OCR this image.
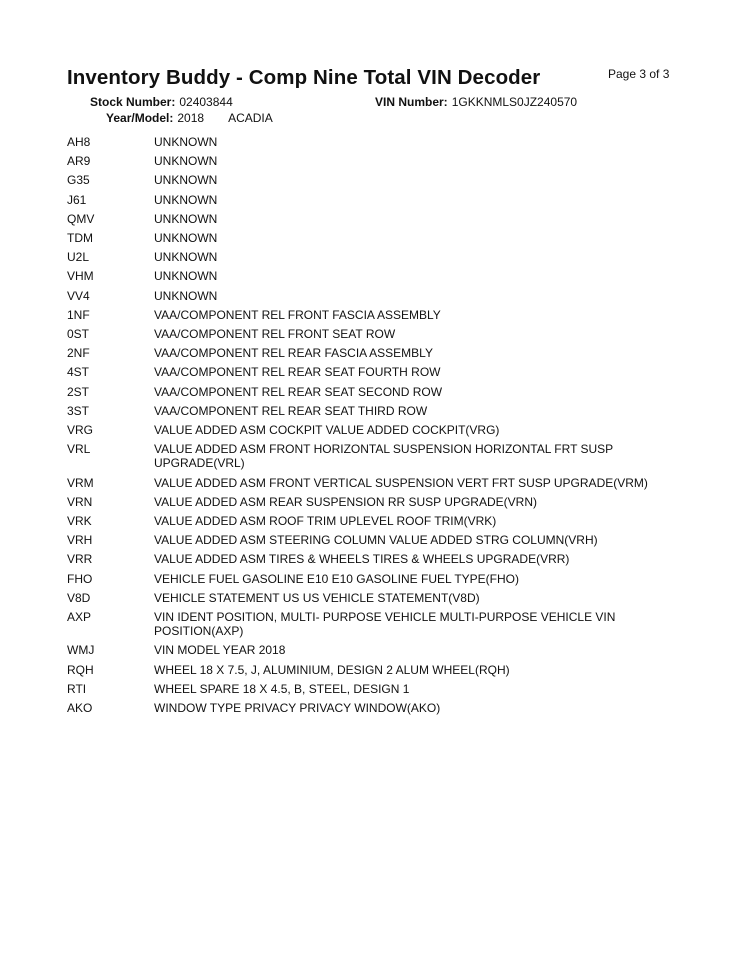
Inventory Buddy - Comp Nine Total VIN Decoder	Page 3 of 3
Stock Number: 02403844	VIN Number: 1GKKNMLS0JZ240570
Year/Model: 2018 ACADIA
AH8	UNKNOWN
AR9	UNKNOWN
G35	UNKNOWN
J61	UNKNOWN
QMV	UNKNOWN
TDM	UNKNOWN
U2L	UNKNOWN
VHM	UNKNOWN
VV4	UNKNOWN
1NF	VAA/COMPONENT REL FRONT FASCIA ASSEMBLY
0ST	VAA/COMPONENT REL FRONT SEAT ROW
2NF	VAA/COMPONENT REL REAR FASCIA ASSEMBLY
4ST	VAA/COMPONENT REL REAR SEAT FOURTH ROW
2ST	VAA/COMPONENT REL REAR SEAT SECOND ROW
3ST	VAA/COMPONENT REL REAR SEAT THIRD ROW
VRG	VALUE ADDED ASM COCKPIT VALUE ADDED COCKPIT(VRG)
VRL	VALUE ADDED ASM FRONT HORIZONTAL SUSPENSION HORIZONTAL FRT SUSP UPGRADE(VRL)
VRM	VALUE ADDED ASM FRONT VERTICAL SUSPENSION VERT FRT SUSP UPGRADE(VRM)
VRN	VALUE ADDED ASM REAR SUSPENSION RR SUSP UPGRADE(VRN)
VRK	VALUE ADDED ASM ROOF TRIM UPLEVEL ROOF TRIM(VRK)
VRH	VALUE ADDED ASM STEERING COLUMN VALUE ADDED STRG COLUMN(VRH)
VRR	VALUE ADDED ASM TIRES & WHEELS TIRES & WHEELS UPGRADE(VRR)
FHO	VEHICLE FUEL GASOLINE E10 E10 GASOLINE FUEL TYPE(FHO)
V8D	VEHICLE STATEMENT US US VEHICLE STATEMENT(V8D)
AXP	VIN IDENT POSITION, MULTI- PURPOSE VEHICLE MULTI-PURPOSE VEHICLE VIN POSITION(AXP)
WMJ	VIN MODEL YEAR 2018
RQH	WHEEL 18 X 7.5, J, ALUMINIUM, DESIGN 2 ALUM WHEEL(RQH)
RTI	WHEEL SPARE 18 X 4.5, B, STEEL, DESIGN 1
AKO	WINDOW TYPE PRIVACY PRIVACY WINDOW(AKO)
